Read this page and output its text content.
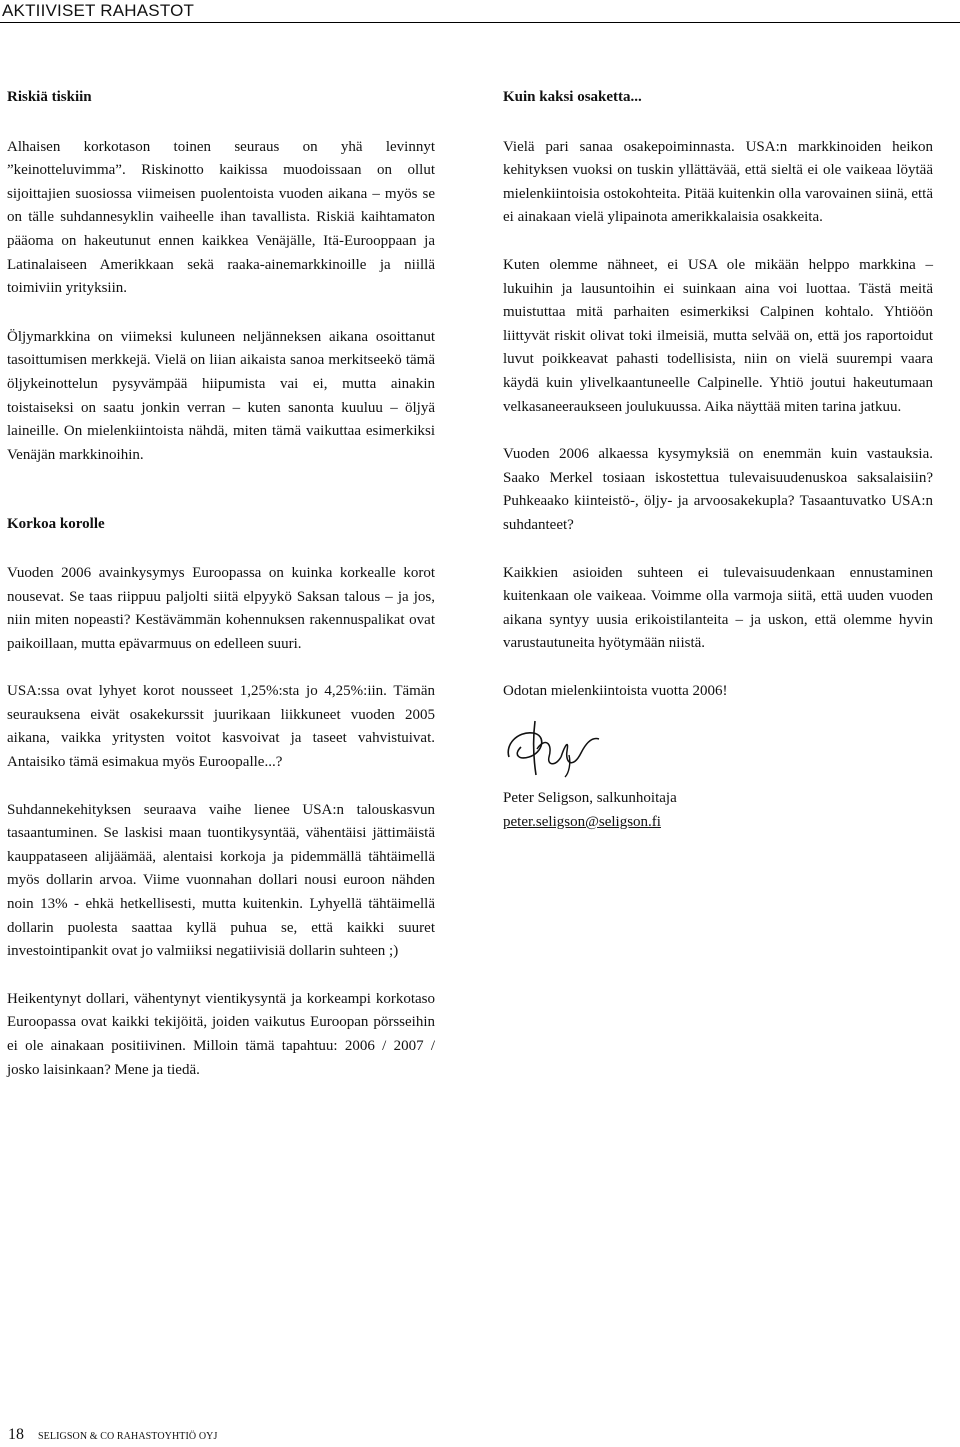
AKTIIVISET RAHASTOT

Riskiä tiskiin

Alhaisen korkotason toinen seuraus on yhä levinnyt ”keinotteluvimma”. Riskinotto kaikissa muodoissaan on ollut sijoittajien suosiossa viimeisen puolentoista vuoden aikana – myös se on tälle suhdannesyklin vaiheelle ihan tavallista. Riskiä kaihtamaton pääoma on hakeutunut ennen kaikkea Venäjälle, Itä-Eurooppaan ja Latinalaiseen Amerikkaan sekä raaka-ainemarkkinoille ja niillä toimiviin yrityksiin.

Öljymarkkina on viimeksi kuluneen neljänneksen aikana osoittanut tasoittumisen merkkejä. Vielä on liian aikaista sanoa merkitseekö tämä öljykeinottelun pysyvämpää hiipumista vai ei, mutta ainakin toistaiseksi on saatu jonkin verran – kuten sanonta kuuluu – öljyä laineille. On mielenkiintoista nähdä, miten tämä vaikuttaa esimerkiksi Venäjän markkinoihin.

Korkoa korolle

Vuoden 2006 avainkysymys Euroopassa on kuinka korkealle korot nousevat. Se taas riippuu paljolti siitä elpyykö Saksan talous – ja jos, niin miten nopeasti? Kestävämmän kohennuksen rakennuspalikat ovat paikoillaan, mutta epävarmuus on edelleen suuri.

USA:ssa ovat lyhyet korot nousseet 1,25%:sta jo 4,25%:iin. Tämän seurauksena eivät osakekurssit juurikaan liikkuneet vuoden 2005 aikana, vaikka yritysten voitot kasvoivat ja taseet vahvistuivat. Antaisiko tämä esimakua myös Euroopalle...?

Suhdannekehityksen seuraava vaihe lienee USA:n talouskasvun tasaantuminen. Se laskisi maan tuontikysyntää, vähentäisi jättimäistä kauppataseen alijäämää, alentaisi korkoja ja pidemmällä tähtäimellä myös dollarin arvoa. Viime vuonnahan dollari nousi euroon nähden noin 13% - ehkä hetkellisesti, mutta kuitenkin. Lyhyellä tähtäimellä dollarin puolesta saattaa kyllä puhua se, että kaikki suuret investointipankit ovat jo valmiiksi negatiivisiä dollarin suhteen ;)

Heikentynyt dollari, vähentynyt vientikysyntä ja korkeampi korkotaso Euroopassa ovat kaikki tekijöitä, joiden vaikutus Euroopan pörsseihin ei ole ainakaan positiivinen. Milloin tämä tapahtuu: 2006 / 2007 / josko laisinkaan? Mene ja tiedä.

Kuin kaksi osaketta...

Vielä pari sanaa osakepoiminnasta. USA:n markkinoiden heikon kehityksen vuoksi on tuskin yllättävää, että sieltä ei ole vaikeaa löytää mielenkiintoisia ostokohteita. Pitää kuitenkin olla varovainen siinä, että ei ainakaan vielä ylipainota amerikkalaisia osakkeita.

Kuten olemme nähneet, ei USA ole mikään helppo markkina – lukuihin ja lausuntoihin ei suinkaan aina voi luottaa. Tästä meitä muistuttaa mitä parhaiten esimerkiksi Calpinen kohtalo. Yhtiöön liittyvät riskit olivat toki ilmeisiä, mutta selvää on, että jos raportoidut luvut poikkeavat pahasti todellisista, niin on vielä suurempi vaara käydä kuin ylivelkaantuneelle Calpinelle. Yhtiö joutui hakeutumaan velkasaneeraukseen joulukuussa. Aika näyttää miten tarina jatkuu.

Vuoden 2006 alkaessa kysymyksiä on enemmän kuin vastauksia. Saako Merkel tosiaan iskostettua tulevaisuudenuskoa saksalaisiin? Puhkeaako kiinteistö-, öljy- ja arvoosakekupla? Tasaantuvatko USA:n suhdanteet?

Kaikkien asioiden suhteen ei tulevaisuudenkaan ennustaminen kuitenkaan ole vaikeaa. Voimme olla varmoja siitä, että uuden vuoden aikana syntyy uusia erikoistilanteita – ja uskon, että olemme hyvin varustautuneita hyötymään niistä.

Odotan mielenkiintoista vuotta 2006!

Peter Seligson, salkunhoitaja

peter.seligson@seligson.fi

18 SELIGSON & CO RAHASTOYHTIÖ OYJ
